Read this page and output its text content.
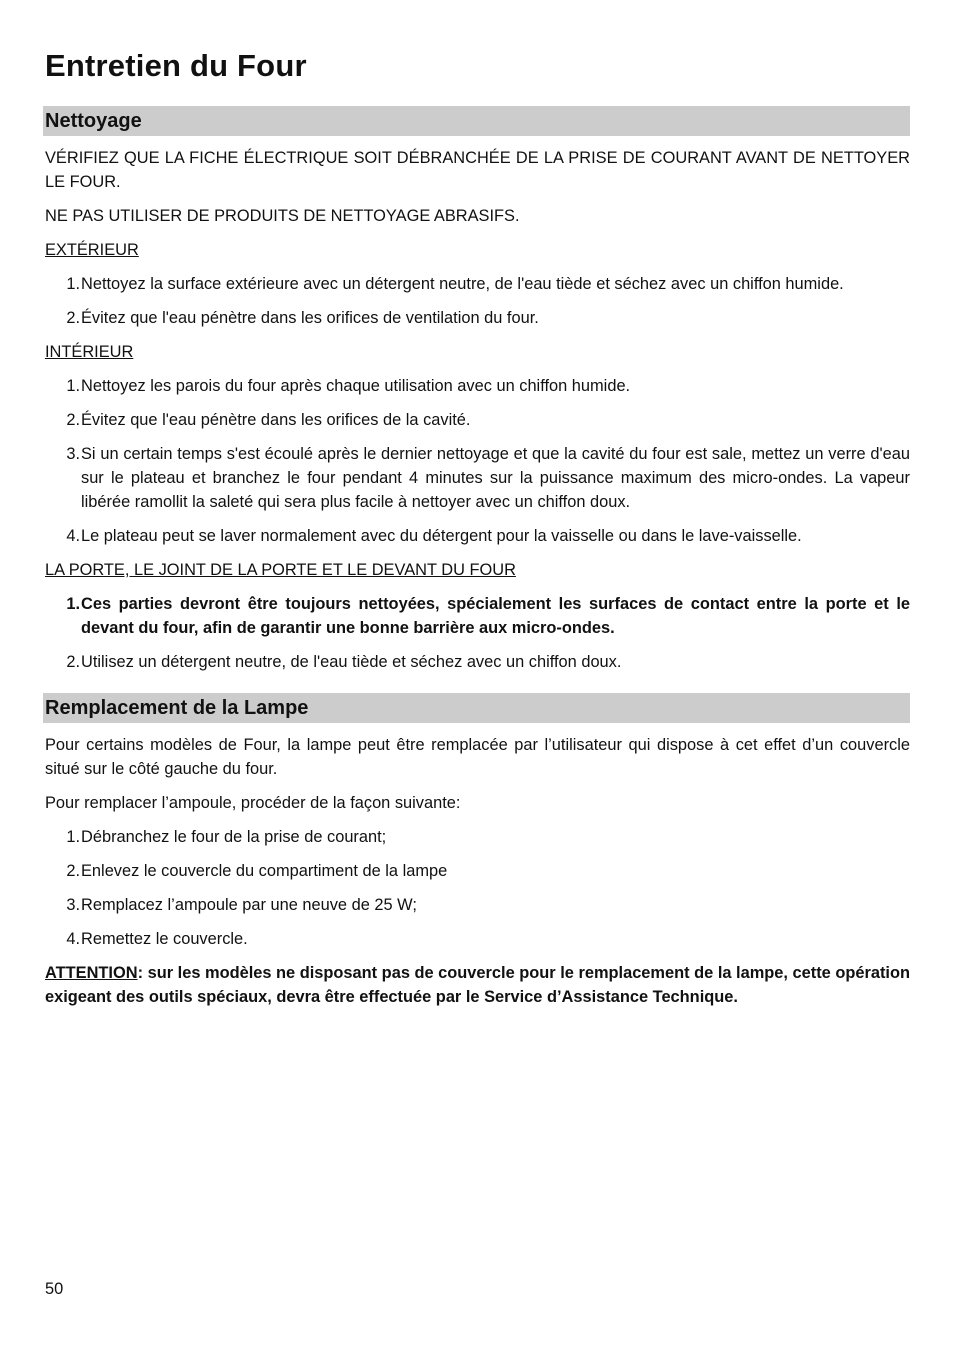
Entretien du Four
Nettoyage

VÉRIFIEZ QUE LA FICHE ÉLECTRIQUE SOIT DÉBRANCHÉE DE LA PRISE DE COURANT AVANT DE NETTOYER LE FOUR.

NE PAS UTILISER DE PRODUITS DE NETTOYAGE ABRASIFS.

EXTÉRIEUR

1. Nettoyez la surface extérieure avec un détergent neutre, de l'eau tiède et séchez avec un chiffon humide.
2. Évitez que l'eau pénètre dans les orifices de ventilation du four.

INTÉRIEUR

1. Nettoyez les parois du four après chaque utilisation avec un chiffon humide.
2. Évitez que l'eau pénètre dans les orifices de la cavité.
3. Si un certain temps s'est écoulé après le dernier nettoyage et que la cavité du four est sale, mettez un verre d'eau sur le plateau et branchez le four pendant 4 minutes sur la puissance maximum des micro-ondes. La vapeur libérée ramollit la saleté qui sera plus facile à nettoyer avec un chiffon doux.
4. Le plateau peut se laver normalement avec du détergent pour la vaisselle ou dans le lave-vaisselle.

LA PORTE, LE JOINT DE LA PORTE ET LE DEVANT DU FOUR

1. Ces parties devront être toujours nettoyées, spécialement les surfaces de contact entre la porte et le devant du four, afin de garantir une bonne barrière aux micro-ondes.
2. Utilisez un détergent neutre, de l'eau tiède et séchez avec un chiffon doux.
Remplacement de la Lampe

Pour certains modèles de Four, la lampe peut être remplacée par l’utilisateur qui dispose à cet effet d’un couvercle situé sur le côté gauche du four.

Pour remplacer l’ampoule, procéder de la façon suivante:

1. Débranchez le four de la prise de courant;
2. Enlevez le couvercle du compartiment de la lampe
3. Remplacez l’ampoule par une neuve de 25 W;
4. Remettez le couvercle.

ATTENTION: sur les modèles ne disposant pas de couvercle pour le remplacement de la lampe, cette opération exigeant des outils spéciaux, devra être effectuée par le Service d’Assistance Technique.

50
